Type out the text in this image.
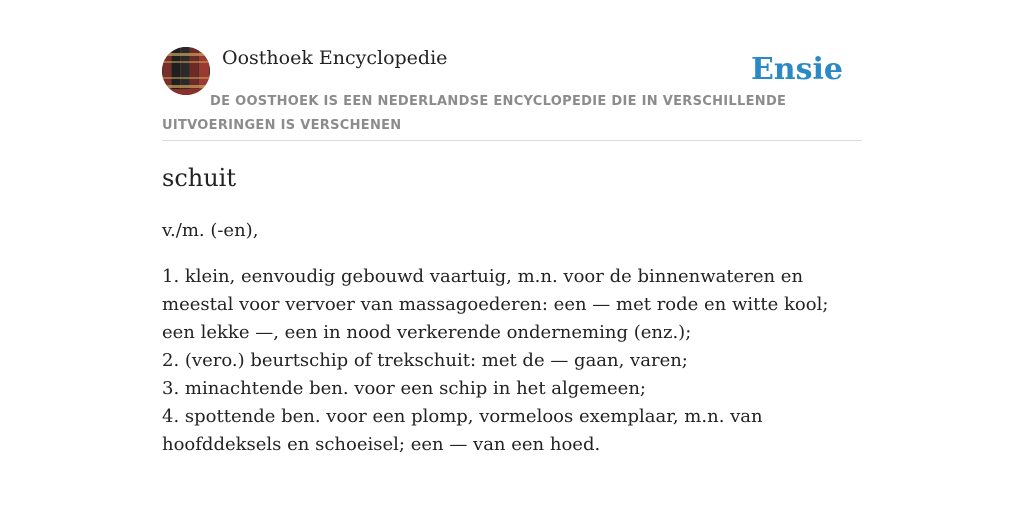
Oosthoek Encyclopedie	Ensie
DE OOSTHOEK IS EEN NEDERLANDSE ENCYCLOPEDIE DIE IN VERSCHILLENDE UITVOERINGEN IS VERSCHENEN
schuit
v./m. (-en),
1. klein, eenvoudig gebouwd vaartuig, m.n. voor de binnenwateren en meestal voor vervoer van massagoederen: een — met rode en witte kool; een lekke —, een in nood verkerende onderneming (enz.);
2. (vero.) beurtschip of trekschuit: met de — gaan, varen;
3. minachtende ben. voor een schip in het algemeen;
4. spottende ben. voor een plomp, vormeloos exemplaar, m.n. van hoofddeksels en schoeisel; een — van een hoed.
